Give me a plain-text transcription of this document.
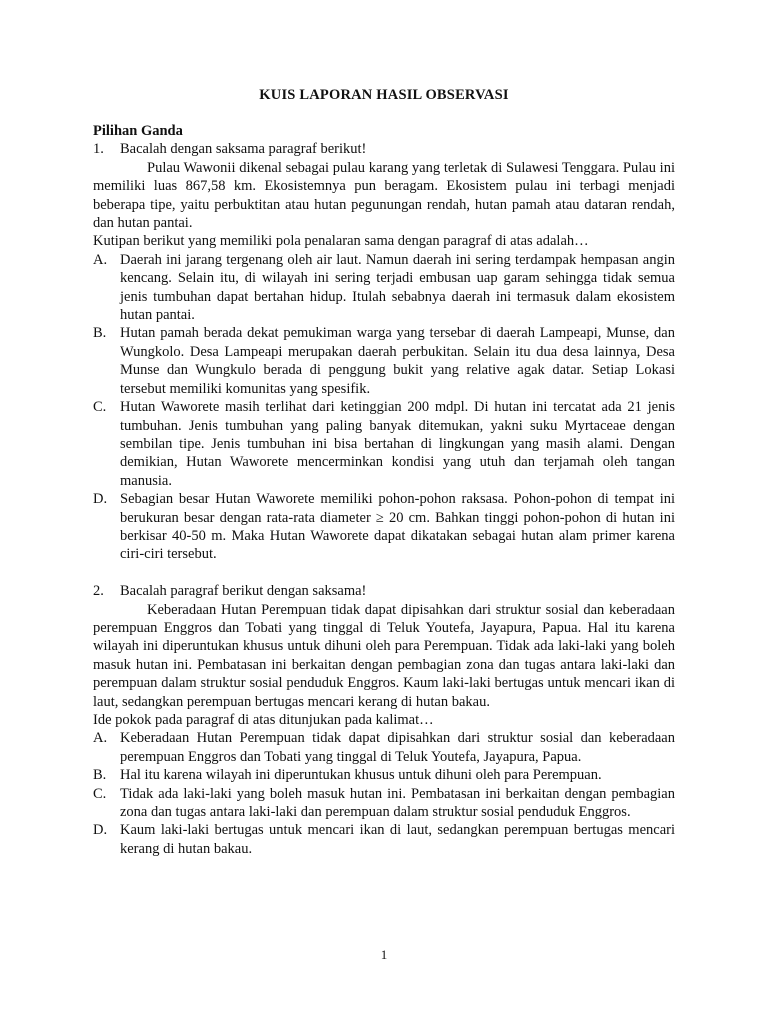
KUIS LAPORAN HASIL OBSERVASI
Pilihan Ganda
1.	Bacalah dengan saksama paragraf berikut!
Pulau Wawonii dikenal sebagai pulau karang yang terletak di Sulawesi Tenggara. Pulau ini memiliki luas 867,58 km. Ekosistemnya pun beragam. Ekosistem pulau ini terbagi menjadi beberapa tipe, yaitu perbuktitan atau hutan pegunungan rendah, hutan pamah atau dataran rendah, dan hutan pantai.
Kutipan berikut yang memiliki pola penalaran sama dengan paragraf di atas adalah…
A. Daerah ini jarang tergenang oleh air laut. Namun daerah ini sering terdampak hempasan angin kencang. Selain itu, di wilayah ini sering terjadi embusan uap garam sehingga tidak semua jenis tumbuhan dapat bertahan hidup. Itulah sebabnya daerah ini termasuk dalam ekosistem hutan pantai.
B. Hutan pamah berada dekat pemukiman warga yang tersebar di daerah Lampeapi, Munse, dan Wungkolo. Desa Lampeapi merupakan daerah perbukitan. Selain itu dua desa lainnya, Desa Munse dan Wungkulo berada di penggung bukit yang relative agak datar. Setiap Lokasi tersebut memiliki komunitas yang spesifik.
C. Hutan Waworete masih terlihat dari ketinggian 200 mdpl. Di hutan ini tercatat ada 21 jenis tumbuhan. Jenis tumbuhan yang paling banyak ditemukan, yakni suku Myrtaceae dengan sembilan tipe. Jenis tumbuhan ini bisa bertahan di lingkungan yang masih alami. Dengan demikian, Hutan Waworete mencerminkan kondisi yang utuh dan terjamah oleh tangan manusia.
D. Sebagian besar Hutan Waworete memiliki pohon-pohon raksasa. Pohon-pohon di tempat ini berukuran besar dengan rata-rata diameter ≥ 20 cm. Bahkan tinggi pohon-pohon di hutan ini berkisar 40-50 m. Maka Hutan Waworete dapat dikatakan sebagai hutan alam primer karena ciri-ciri tersebut.
2.	Bacalah paragraf berikut dengan saksama!
Keberadaan Hutan Perempuan tidak dapat dipisahkan dari struktur sosial dan keberadaan perempuan Enggros dan Tobati yang tinggal di Teluk Youtefa, Jayapura, Papua. Hal itu karena wilayah ini diperuntukan khusus untuk dihuni oleh para Perempuan. Tidak ada laki-laki yang boleh masuk hutan ini. Pembatasan ini berkaitan dengan pembagian zona dan tugas antara laki-laki dan perempuan dalam struktur sosial penduduk Enggros. Kaum laki-laki bertugas untuk mencari ikan di laut, sedangkan perempuan bertugas mencari kerang di hutan bakau.
Ide pokok pada paragraf di atas ditunjukan pada kalimat…
A. Keberadaan Hutan Perempuan tidak dapat dipisahkan dari struktur sosial dan keberadaan perempuan Enggros dan Tobati yang tinggal di Teluk Youtefa, Jayapura, Papua.
B. Hal itu karena wilayah ini diperuntukan khusus untuk dihuni oleh para Perempuan.
C. Tidak ada laki-laki yang boleh masuk hutan ini. Pembatasan ini berkaitan dengan pembagian zona dan tugas antara laki-laki dan perempuan dalam struktur sosial penduduk Enggros.
D. Kaum laki-laki bertugas untuk mencari ikan di laut, sedangkan perempuan bertugas mencari kerang di hutan bakau.
1
